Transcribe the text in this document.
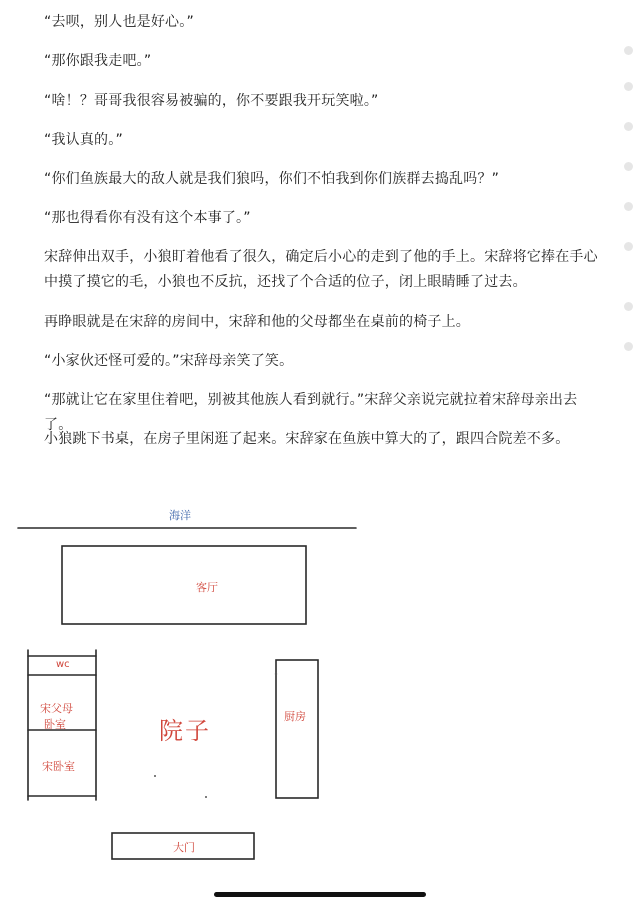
“去呗，别人也是好心。”

“那你跟我走吧。”

“啥！？哥哥我很容易被骗的，你不要跟我开玩笑啦。”

“我认真的。”

“你们鱼族最大的敌人就是我们狼吗，你们不怕我到你们族群去捣乱吗？”

“那也得看你有没有这个本事了。”

宋辞伸出双手，小狼盯着他看了很久，确定后小心的走到了他的手上。宋辞将它捧在手心中摸了摸它的毛，小狼也不反抗，还找了个合适的位子，闭上眼睛睡了过去。

再睁眼就是在宋辞的房间中，宋辞和他的父母都坐在桌前的椅子上。

“小家伙还怪可爱的。”宋辞母亲笑了笑。

“那就让它在家里住着吧，别被其他族人看到就行。”宋辞父亲说完就拉着宋辞母亲出去了。

小狼跳下书桌，在房子里闲逛了起来。宋辞家在鱼族中算大的了，跟四合院差不多。

海洋
客厅
wc
宋父母
卧室
宋卧室
院子
厨房
大门
